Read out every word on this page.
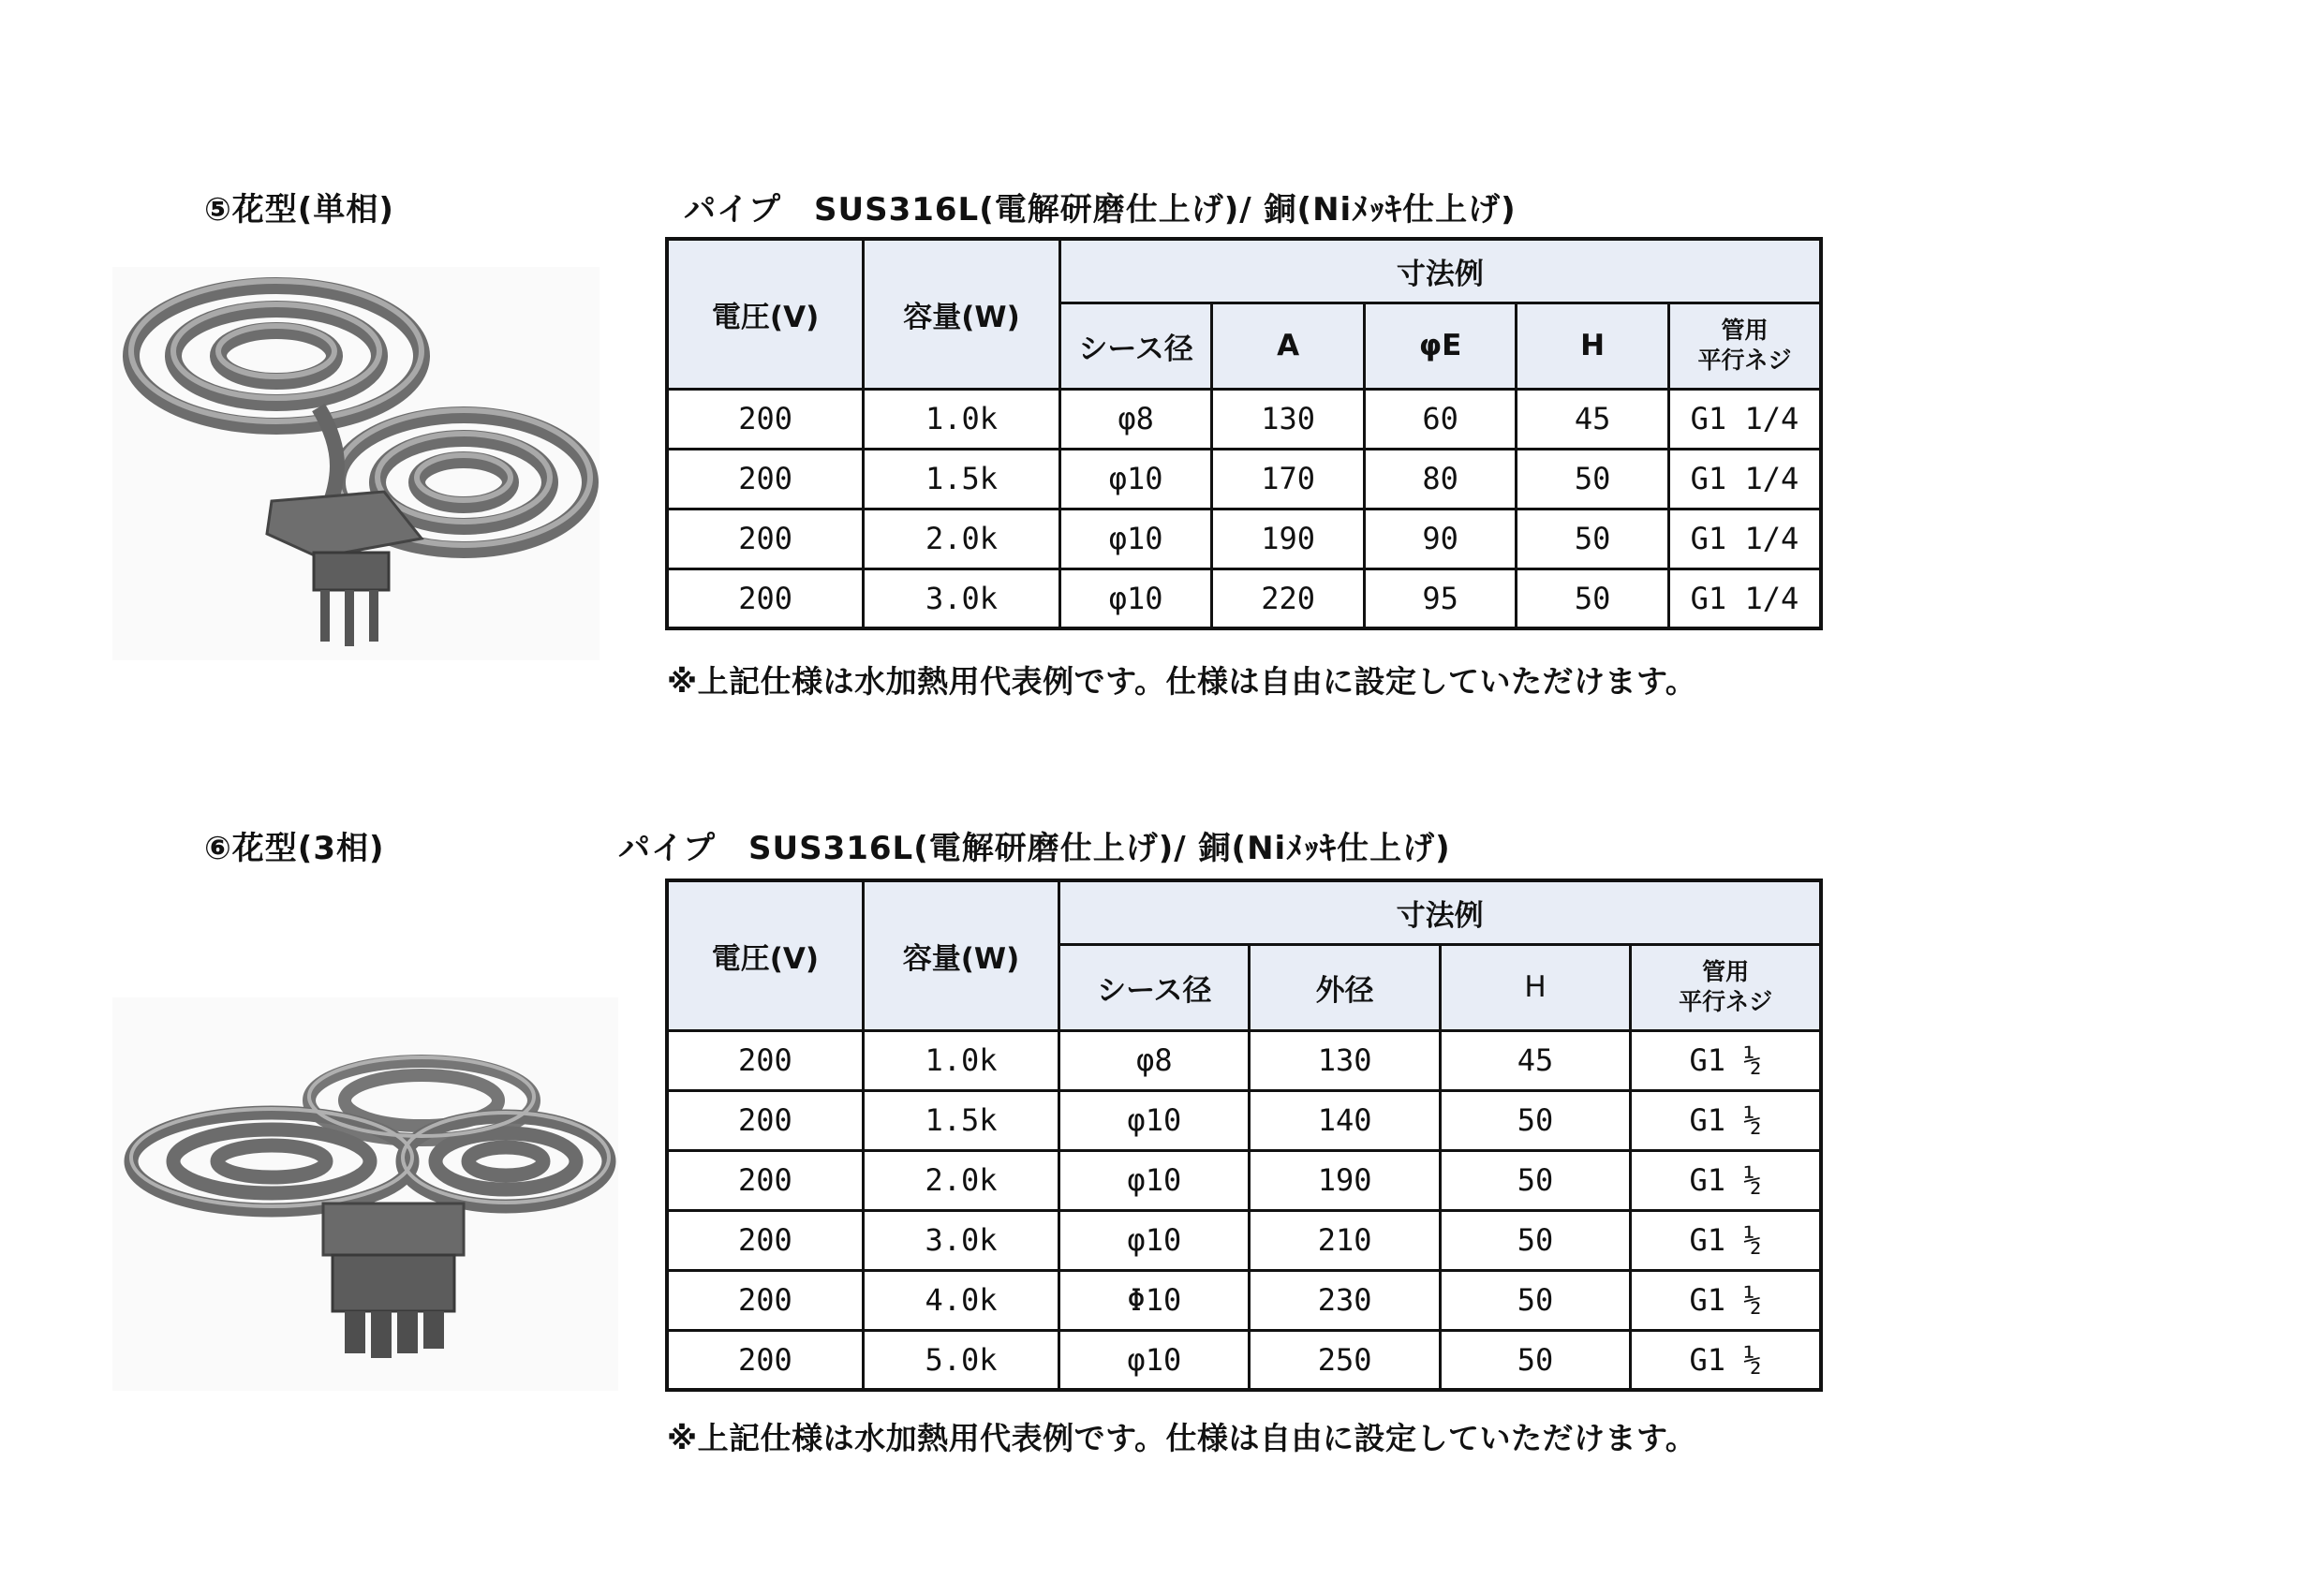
⑤花型(単相)	パイプ　SUS316L(電解研磨仕上げ)/ 銅(Niﾒｯｷ仕上げ)
電圧(V)	容量(W)	寸法例				
		シース径	A	φE	H	管用
平行ネジ

200	1.0k	φ8	130	60	45	G1 1/4
200	1.5k	φ10	170	80	50	G1 1/4
200	2.0k	φ10	190	90	50	G1 1/4
200	3.0k	φ10	220	95	50	G1 1/4
※上記仕様は水加熱用代表例です。仕様は自由に設定していただけます。
⑥花型(3相)	パイプ　SUS316L(電解研磨仕上げ)/ 銅(Niﾒｯｷ仕上げ)
電圧(V)	容量(W)	寸法例			
		シース径	外径	H	管用
平行ネジ

200	1.0k	φ8	130	45	G1 ½
200	1.5k	φ10	140	50	G1 ½
200	2.0k	φ10	190	50	G1 ½
200	3.0k	φ10	210	50	G1 ½
200	4.0k	Φ10	230	50	G1 ½
200	5.0k	φ10	250	50	G1 ½
※上記仕様は水加熱用代表例です。仕様は自由に設定していただけます。
